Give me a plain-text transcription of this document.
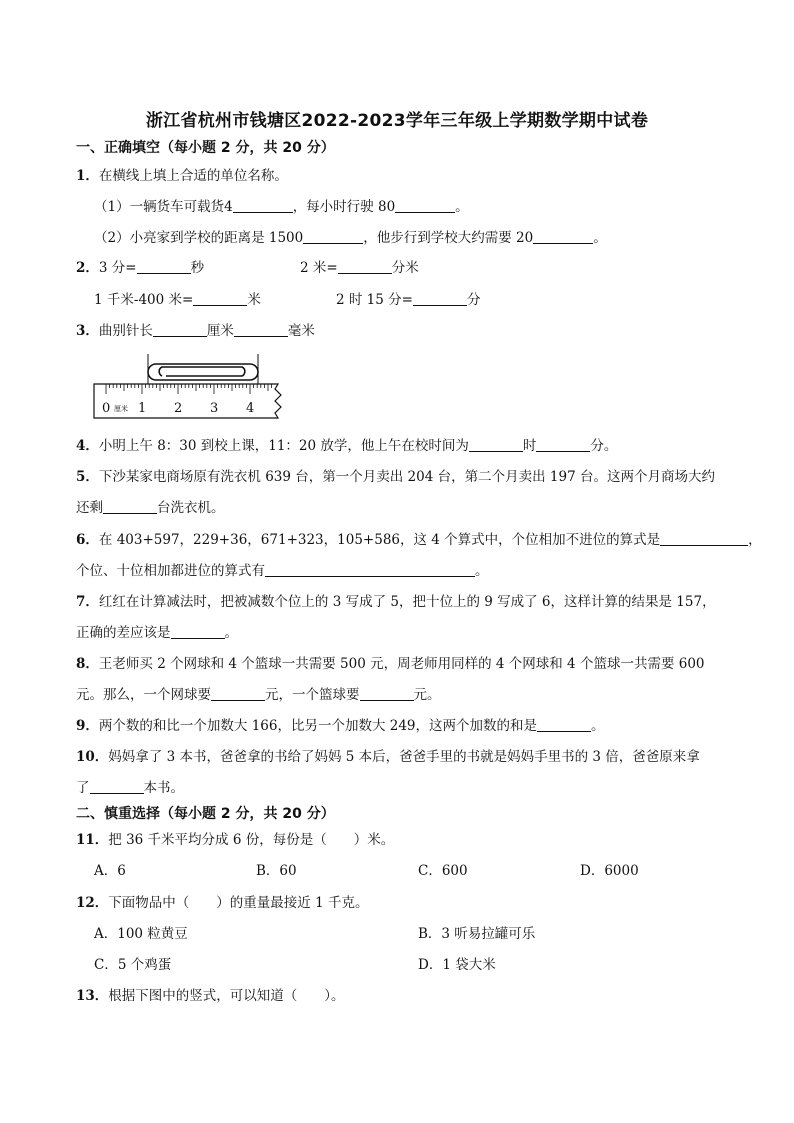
浙江省杭州市钱塘区2022-2023学年三年级上学期数学期中试卷
一、正确填空（每小题 2 分，共 20 分）
1．在横线上填上合适的单位名称。
（1）一辆货车可载货4	，每小时行驶 80	。
（2）小亮家到学校的距离是 1500	，他步行到学校大约需要 20	。
2．3 分=	秒	2 米=	分米
1 千米-400 米=	米	2 时 15 分=	分
3．曲别针长	厘米	毫米
0 1 2 3 4
厘米
4．小明上午 8：30 到校上课，11：20 放学，他上午在校时间为	时	分。
5．下沙某家电商场原有洗衣机 639 台，第一个月卖出 204 台，第二个月卖出 197 台。这两个月商场大约
还剩	台洗衣机。
6．在 403+597，229+36，671+323，105+586，这 4 个算式中，个位相加不进位的算式是	，
个位、十位相加都进位的算式有	。
7．红红在计算减法时，把被减数个位上的 3 写成了 5，把十位上的 9 写成了 6，这样计算的结果是 157，
正确的差应该是	。
8．王老师买 2 个网球和 4 个篮球一共需要 500 元，周老师用同样的 4 个网球和 4 个篮球一共需要 600
元。那么，一个网球要	元，一个篮球要	元。
9．两个数的和比一个加数大 166，比另一个加数大 249，这两个加数的和是	。
10．妈妈拿了 3 本书，爸爸拿的书给了妈妈 5 本后，爸爸手里的书就是妈妈手里书的 3 倍，爸爸原来拿
了	本书。
二、慎重选择（每小题 2 分，共 20 分）
11．把 36 千米平均分成 6 份，每份是（　　）米。
A．6	B．60	C．600	D．6000
12．下面物品中（　　）的重量最接近 1 千克。
A．100 粒黄豆	B．3 听易拉罐可乐
C．5 个鸡蛋	D．1 袋大米
13．根据下图中的竖式，可以知道（　　）。
